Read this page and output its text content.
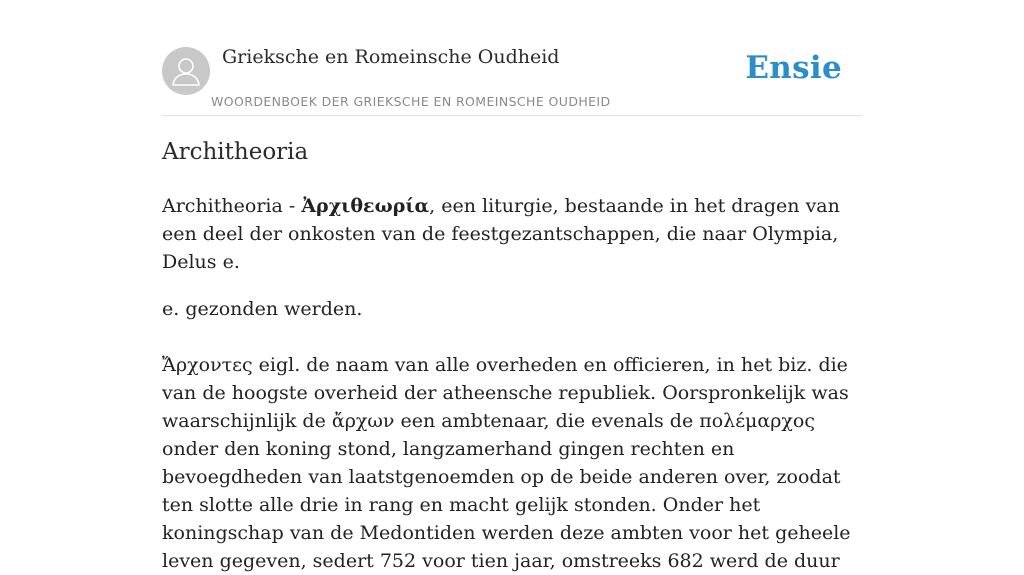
Grieksche en Romeinsche Oudheid
WOORDENBOEK DER GRIEKSCHE EN ROMEINSCHE OUDHEID
Ensie
Architheoria

Architheoria - Ἀρχιθεωρία, een liturgie, bestaande in het dragen van een deel der onkosten van de feestgezantschappen, die naar Olympia, Delus e.

e. gezonden werden.

Ἄρχοντες eigl. de naam van alle overheden en officieren, in het biz. die van de hoogste overheid der atheensche republiek. Oorspronkelijk was waarschijnlijk de ἄρχων een ambtenaar, die evenals de πολέμαρχος onder den koning stond, langzamerhand gingen rechten en bevoegdheden van laatstgenoemden op de beide anderen over, zoodat ten slotte alle drie in rang en macht gelijk stonden. Onder het koningschap van de Medontiden werden deze ambten voor het geheele leven gegeven, sedert 752 voor tien jaar, omstreeks 682 werd de duur
